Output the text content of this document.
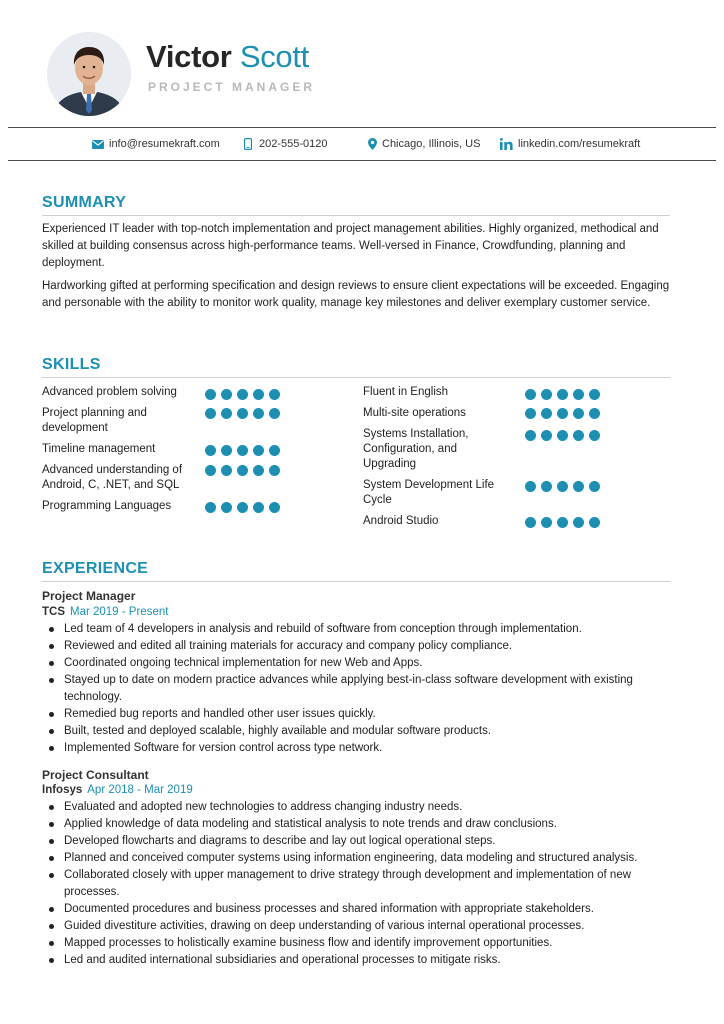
Victor Scott
PROJECT MANAGER
info@resumekraft.com	202-555-0120	Chicago, Illinois, US	linkedin.com/resumekraft
SUMMARY
Experienced IT leader with top-notch implementation and project management abilities. Highly organized, methodical and skilled at building consensus across high-performance teams. Well-versed in Finance, Crowdfunding, planning and deployment.
Hardworking gifted at performing specification and design reviews to ensure client expectations will be exceeded. Engaging and personable with the ability to monitor work quality, manage key milestones and deliver exemplary customer service.
SKILLS
Advanced problem solving
Project planning and development
Timeline management
Advanced understanding of Android, C, .NET, and SQL
Programming Languages
Fluent in English
Multi-site operations
Systems Installation, Configuration, and Upgrading
System Development Life Cycle
Android Studio
EXPERIENCE
Project Manager
TCS Mar 2019 - Present
Led team of 4 developers in analysis and rebuild of software from conception through implementation.
Reviewed and edited all training materials for accuracy and company policy compliance.
Coordinated ongoing technical implementation for new Web and Apps.
Stayed up to date on modern practice advances while applying best-in-class software development with existing technology.
Remedied bug reports and handled other user issues quickly.
Built, tested and deployed scalable, highly available and modular software products.
Implemented Software for version control across type network.
Project Consultant
Infosys Apr 2018 - Mar 2019
Evaluated and adopted new technologies to address changing industry needs.
Applied knowledge of data modeling and statistical analysis to note trends and draw conclusions.
Developed flowcharts and diagrams to describe and lay out logical operational steps.
Planned and conceived computer systems using information engineering, data modeling and structured analysis.
Collaborated closely with upper management to drive strategy through development and implementation of new processes.
Documented procedures and business processes and shared information with appropriate stakeholders.
Guided divestiture activities, drawing on deep understanding of various internal operational processes.
Mapped processes to holistically examine business flow and identify improvement opportunities.
Led and audited international subsidiaries and operational processes to mitigate risks.
